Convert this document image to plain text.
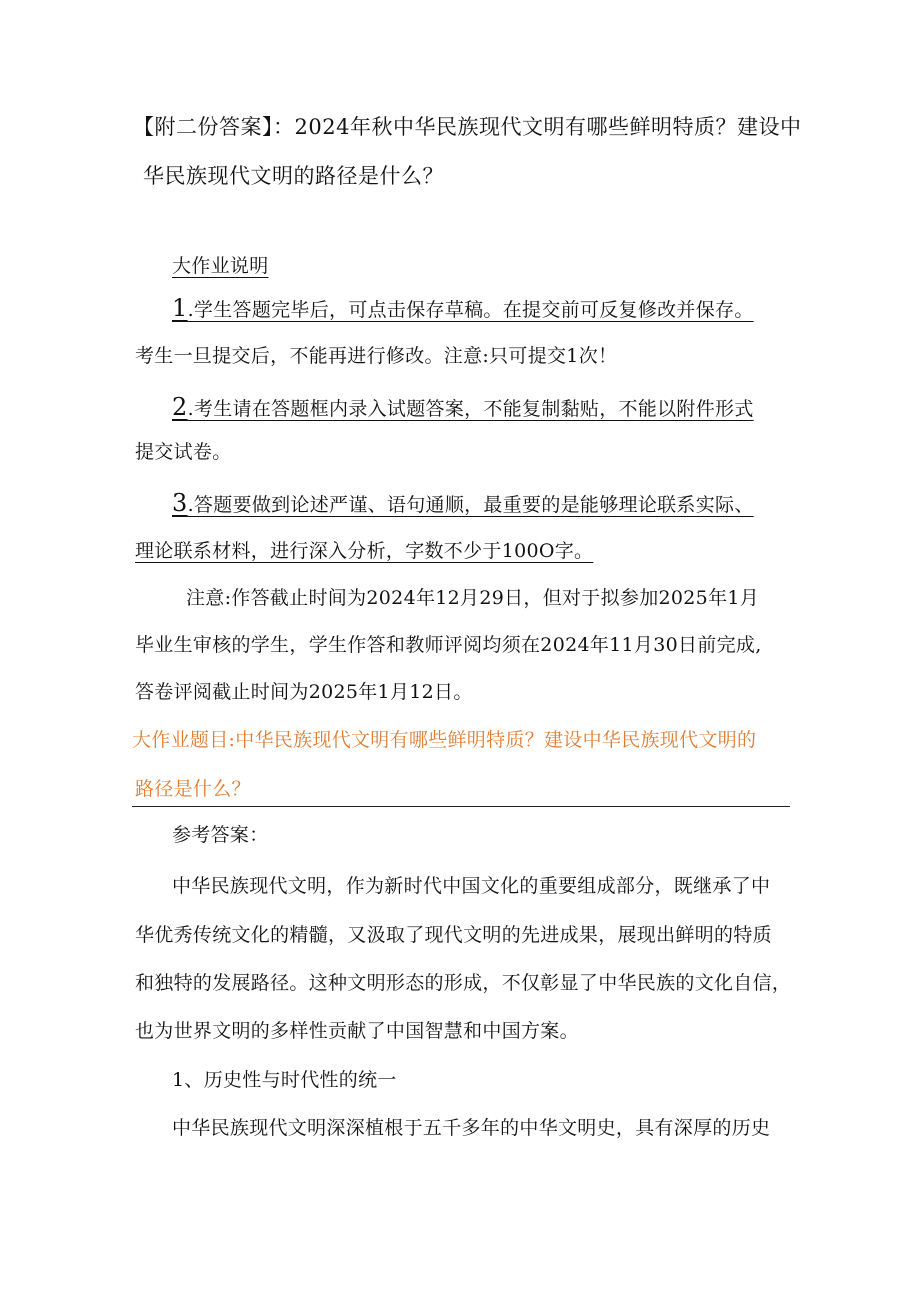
【附二份答案】：2024年秋中华民族现代文明有哪些鲜明特质？建设中
华民族现代文明的路径是什么？
大作业说明
1.学生答题完毕后，可点击保存草稿。在提交前可反复修改并保存。
考生一旦提交后，不能再进行修改。注意:只可提交1次！
2.考生请在答题框内录入试题答案，不能复制黏贴，不能以附件形式
提交试卷。
3.答题要做到论述严谨、语句通顺，最重要的是能够理论联系实际、
理论联系材料，进行深入分析，字数不少于100O字。
注意:作答截止时间为2024年12月29日，但对于拟参加2025年1月
毕业生审核的学生，学生作答和教师评阅均须在2024年11月30日前完成,
答卷评阅截止时间为2025年1月12日。
大作业题目:中华民族现代文明有哪些鲜明特质？建设中华民族现代文明的
路径是什么？
参考答案：
中华民族现代文明，作为新时代中国文化的重要组成部分，既继承了中
华优秀传统文化的精髓，又汲取了现代文明的先进成果，展现出鲜明的特质
和独特的发展路径。这种文明形态的形成，不仅彰显了中华民族的文化自信，
也为世界文明的多样性贡献了中国智慧和中国方案。
1、历史性与时代性的统一
中华民族现代文明深深植根于五千多年的中华文明史，具有深厚的历史
